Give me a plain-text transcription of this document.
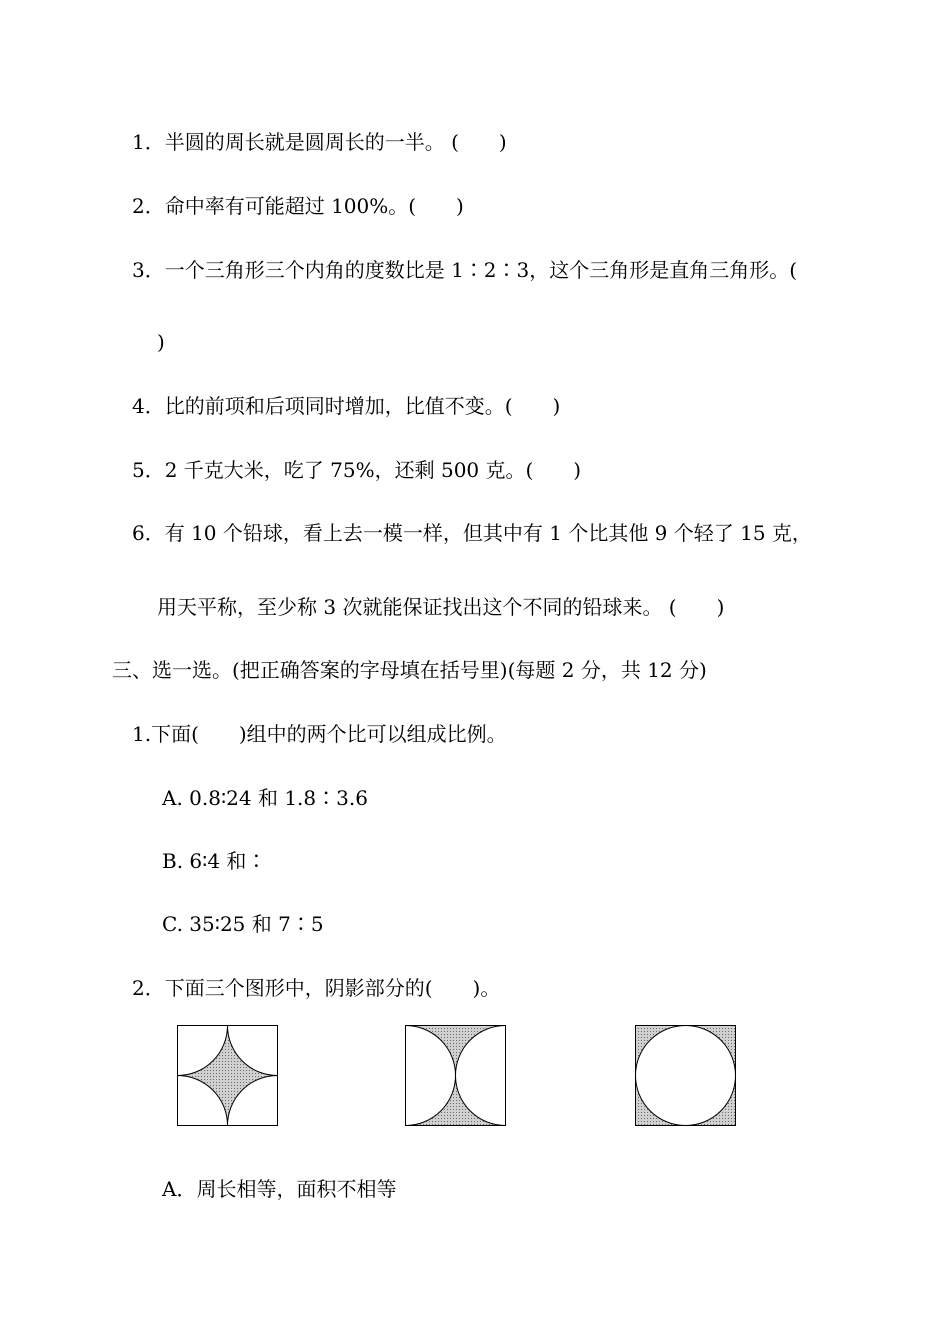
1．半圆的周长就是圆周长的一半。 (　　)
2．命中率有可能超过 100%。(　　)
3．一个三角形三个内角的度数比是 1∶2∶3，这个三角形是直角三角形。(
)
4．比的前项和后项同时增加，比值不变。(　　)
5．2 千克大米，吃了 75%，还剩 500 克。(　　)
6．有 10 个铅球，看上去一模一样，但其中有 1 个比其他 9 个轻了 15 克，
用天平称，至少称 3 次就能保证找出这个不同的铅球来。 (　　)
三、选一选。(把正确答案的字母填在括号里)(每题 2 分，共 12 分)
1.下面(　　)组中的两个比可以组成比例。
A. 0.8∶24 和 1.8∶3.6
B. 6∶4 和∶
C. 35∶25 和 7∶5
2．下面三个图形中，阴影部分的(　　)。
A．周长相等，面积不相等
